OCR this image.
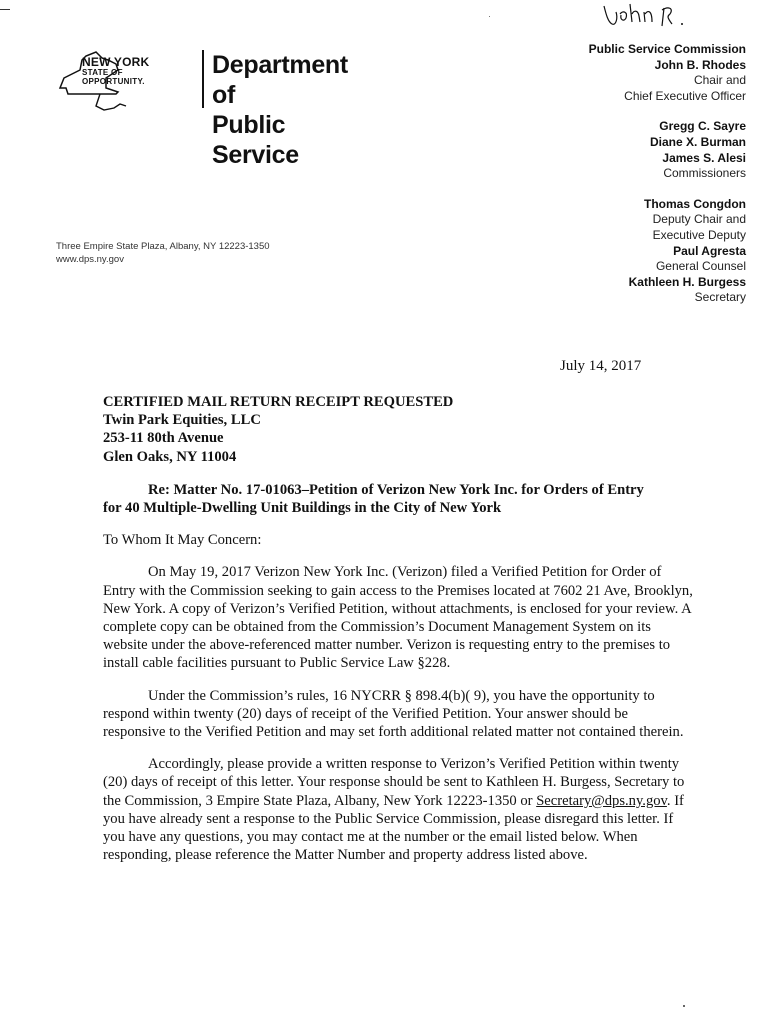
NEW YORK
STATE OF
OPPORTUNITY.
Department of
Public Service
Three Empire State Plaza, Albany, NY 12223-1350
www.dps.ny.gov
Public Service Commission
John B. Rhodes
Chair and
Chief Executive Officer
Gregg C. Sayre
Diane X. Burman
James S. Alesi
Commissioners
Thomas Congdon
Deputy Chair and
Executive Deputy
Paul Agresta
General Counsel
Kathleen H. Burgess
Secretary
July 14, 2017

CERTIFIED MAIL RETURN RECEIPT REQUESTED

Twin Park Equities, LLC

253-11 80th Avenue

Glen Oaks, NY 11004

Re: Matter No. 17-01063–Petition of Verizon New York Inc. for Orders of Entry
for 40 Multiple-Dwelling Unit Buildings in the City of New York

To Whom It May Concern:

On May 19, 2017 Verizon New York Inc. (Verizon) filed a Verified Petition for Order of Entry with the Commission seeking to gain access to the Premises located at 7602 21 Ave, Brooklyn, New York. A copy of Verizon’s Verified Petition, without attachments, is enclosed for your review. A complete copy can be obtained from the Commission’s Document Management System on its website under the above-referenced matter number. Verizon is requesting entry to the premises to install cable facilities pursuant to Public Service Law §228.

Under the Commission’s rules, 16 NYCRR § 898.4(b)( 9), you have the opportunity to respond within twenty (20) days of receipt of the Verified Petition. Your answer should be responsive to the Verified Petition and may set forth additional related matter not contained therein.

Accordingly, please provide a written response to Verizon’s Verified Petition within twenty (20) days of receipt of this letter. Your response should be sent to Kathleen H. Burgess, Secretary to the Commission, 3 Empire State Plaza, Albany, New York 12223-1350 or Secretary@dps.ny.gov. If you have already sent a response to the Public Service Commission, please disregard this letter. If you have any questions, you may contact me at the number or the email listed below. When responding, please reference the Matter Number and property address listed above.
